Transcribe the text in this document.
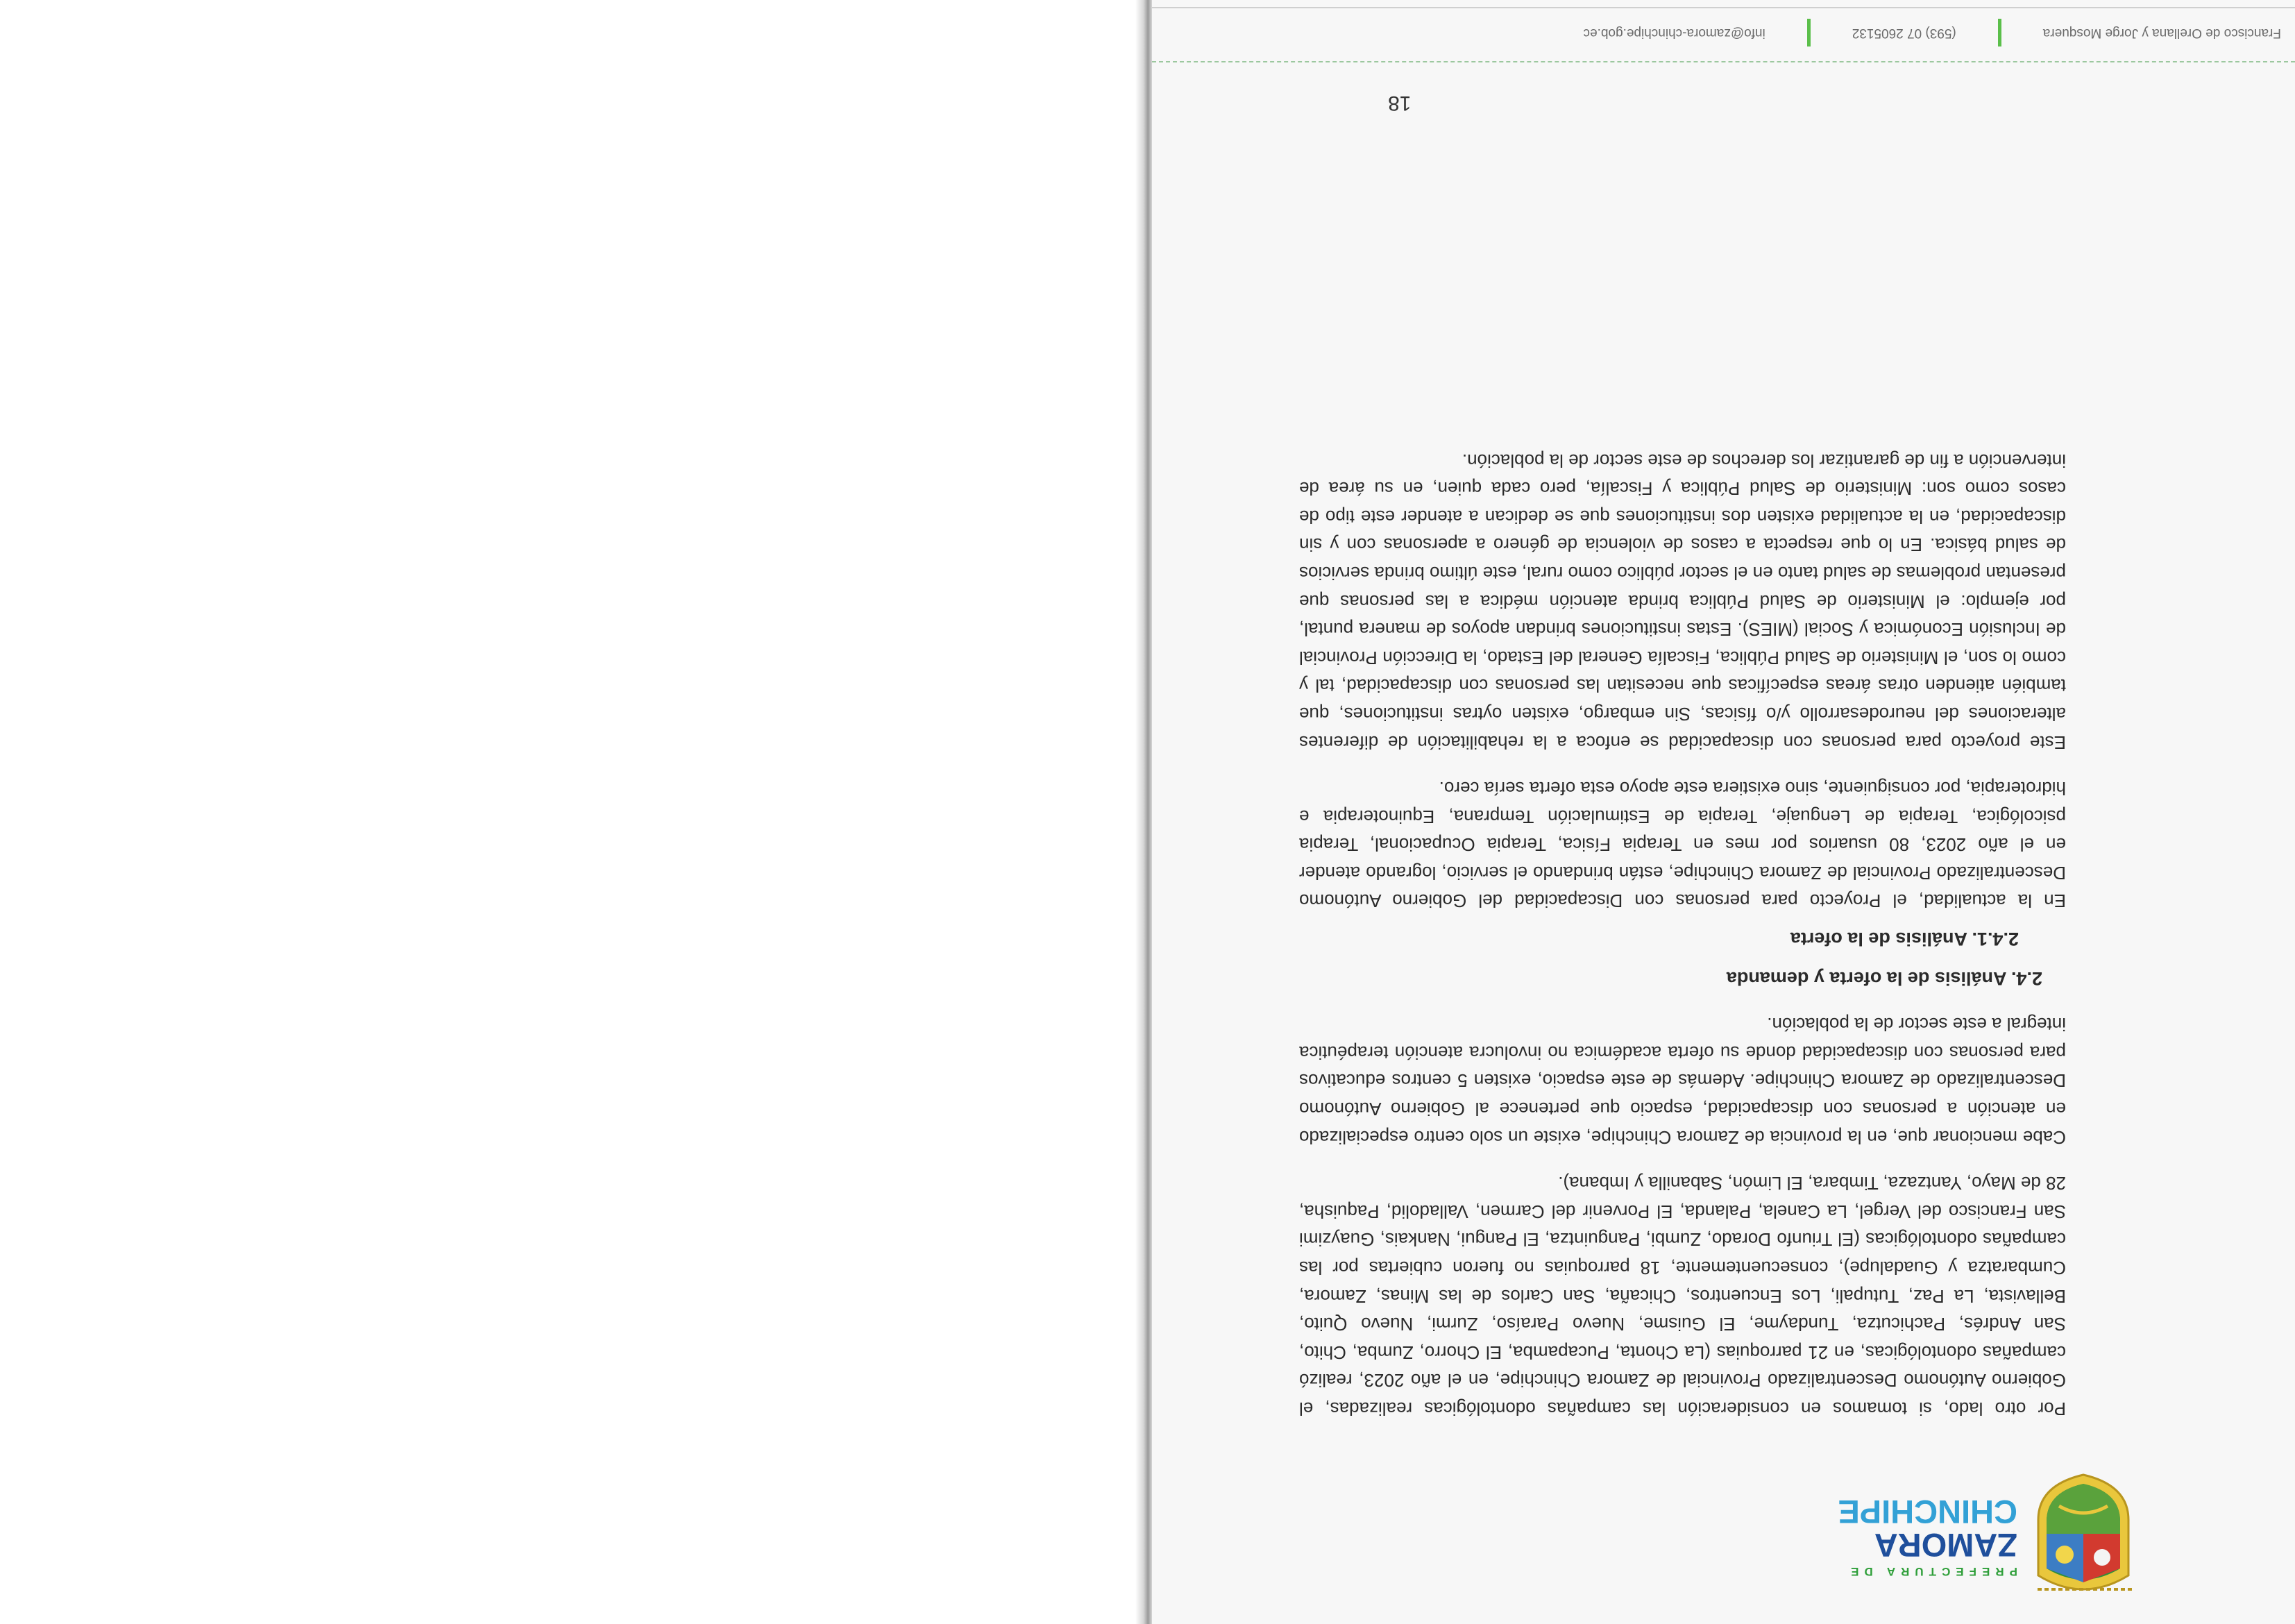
PREFECTURA DE
ZAMORA
CHINCHIPE

Por otro lado, si tomamos en consideración las campañas odontológicas realizadas, el Gobierno Autónomo Descentralizado Provincial de Zamora Chinchipe, en el año 2023, realizó campañas odontológicas, en 21 parroquias (La Chonta, Pucapamba, El Chorro, Zumba, Chito, San Andrés, Pachicutza, Tundayme, El Guisme, Nuevo Paraíso, Zurmi, Nuevo Quito, Bellavista, La Paz, Tutupali, Los Encuentros, Chicaña, San Carlos de las Minas, Zamora, Cumbaratza y Guadalupe), consecuentemente, 18 parroquias no fueron cubiertas por las campañas odontológicas (El Triunfo Dorado, Zumbi, Panguintza, El Pangui, Nankais, Guayzimi San Francisco del Vergel, La Canela, Palanda, El Porvenir del Carmen, Valladolid, Paquisha, 28 de Mayo, Yantzaza, Timbara, El Limón, Sabanilla y Imbana).

Cabe mencionar que, en la provincia de Zamora Chinchipe, existe un solo centro especializado en atención a personas con discapacidad, espacio que pertenece al Gobierno Autónomo Descentralizado de Zamora Chinchipe. Además de este espacio, existen 5 centros educativos para personas con discapacidad donde su oferta académica no involucra atención terapéutica integral a este sector de la población.

2.4. Análisis de la oferta y demanda
2.4.1. Análisis de la oferta

En la actualidad, el Proyecto para personas con Discapacidad del Gobierno Autónomo Descentralizado Provincial de Zamora Chinchipe, están brindando el servicio, logrando atender en el año 2023, 80 usuarios por mes en Terapia Física, Terapia Ocupacional, Terapia psicológica, Terapia de Lenguaje, Terapia de Estimulación Temprana, Equinoterapia e hidroterapia, por consiguiente, sino existiera este apoyo esta oferta sería cero.

Este proyecto para personas con discapacidad se enfoca a la rehabilitación de diferentes alteraciones del neurodesarrollo y/o físicas, Sin embargo, existen oytras instituciones, que también atienden otras áreas específicas que necesitan las personas con discapacidad, tal y como lo son, el Ministerio de Salud Pública, Fiscalía General del Estado, la Dirección Provincial de Inclusión Económica y Social (MIES). Estas instituciones brindan apoyos de manera puntal, por ejemplo: el Ministerio de Salud Pública brinda atención médica a las personas que presentan problemas de salud tanto en el sector público como rural, este último brinda servicios de salud básica. En lo que respecta a casos de violencia de género a apersonas con y sin discapacidad, en la actualidad existen dos instituciones que se dedican a atender este tipo de casos como son: Ministerio de Salud Pública y Fiscalía, pero cada quien, en su área de intervención a fin de garantizar los derechos de este sector de la población.

18
Francisco de Orellana y Jorge Mosquera
(593) 07 2605132
info@zamora-chinchipe.gob.ec
